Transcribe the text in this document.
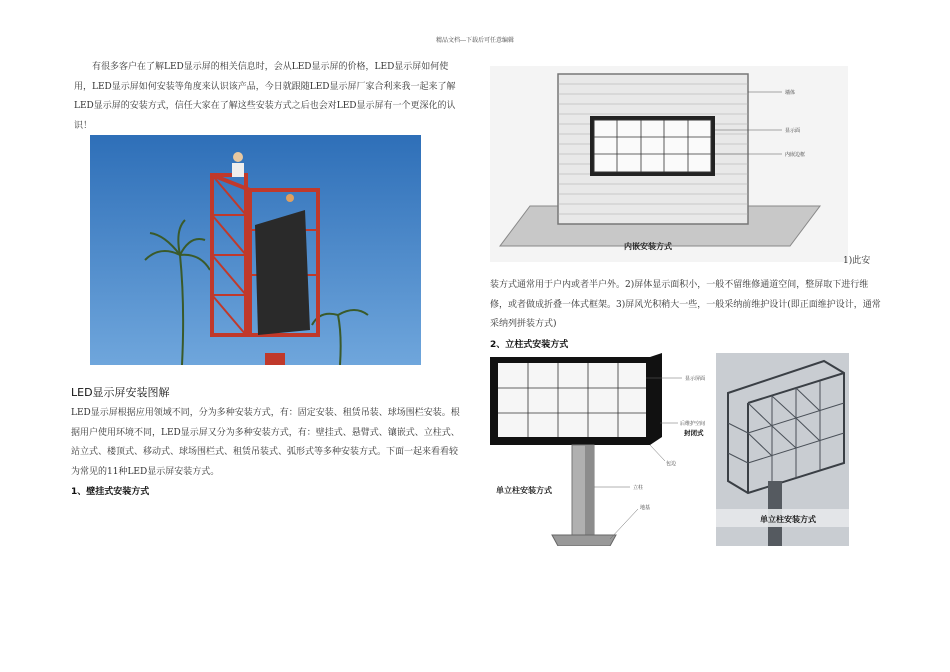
精品文档---下载后可任意编辑

有很多客户在了解LED显示屏的相关信息时，会从LED显示屏的价格，LED显示屏如何使用，LED显示屏如何安装等角度来认识该产品，今日就跟随LED显示屏厂家合利来我一起来了解LED显示屏的安装方式，信任大家在了解这些安装方式之后也会对LED显示屏有一个更深化的认识！

LED显示屏安装图解

LED显示屏根据应用领域不同，分为多种安装方式，有：固定安装、租赁吊装、球场围栏安装。根据用户使用环境不同，LED显示屏又分为多种安装方式，有：壁挂式、悬臂式、镶嵌式、立柱式、站立式、楼顶式、移动式、球场围栏式、租赁吊装式、弧形式等多种安装方式。下面一起来看看较为常见的11种LED显示屏安装方式。

1、壁挂式安装方式
墙体
显示面
内嵌边框
内嵌安装方式
1)此安

装方式通常用于户内或者半户外。2)屏体显示面积小，一般不留维修通道空间，整屏取下进行维修，或者做成折叠一体式框架。3)屏风光积稍大一些，一般采纳前维护设计(即正面维护设计，通常采纳列拼装方式)

2、立柱式安装方式
显示屏面
后维护空间
封闭式
包边
立柱
地基
单立柱安装方式
单立柱安装方式
